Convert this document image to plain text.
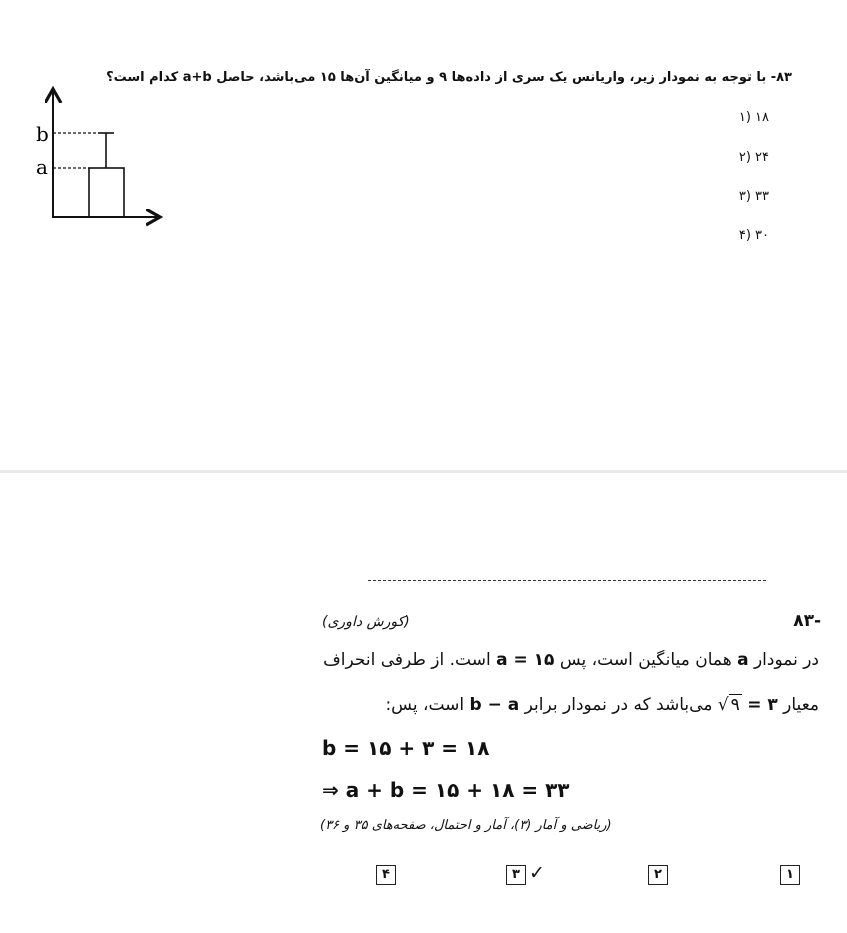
۸۳- با توجه به نمودار زیر، واریانس یک سری از داده‌ها ۹ و میانگین آن‌ها ۱۵ می‌باشد، حاصل a+b کدام است؟
۱) ۱۸
۲) ۲۴
۳) ۳۳
۴) ۳۰
b
a
۸۳-
(کورش داوری)
در نمودار a همان میانگین است، پس a = ۱۵ است. از طرفی انحراف
معیار √ ۹ = ۳ می‌باشد که در نمودار برابر b − a است، پس:
b = ۱۵ + ۳ = ۱۸
⇒ a + b = ۱۵ + ۱۸ = ۳۳
(ریاضی و آمار (۳)، آمار و احتمال، صفحه‌های ۳۵ و ۳۶)
۴	۳ ✓	۲	۱
